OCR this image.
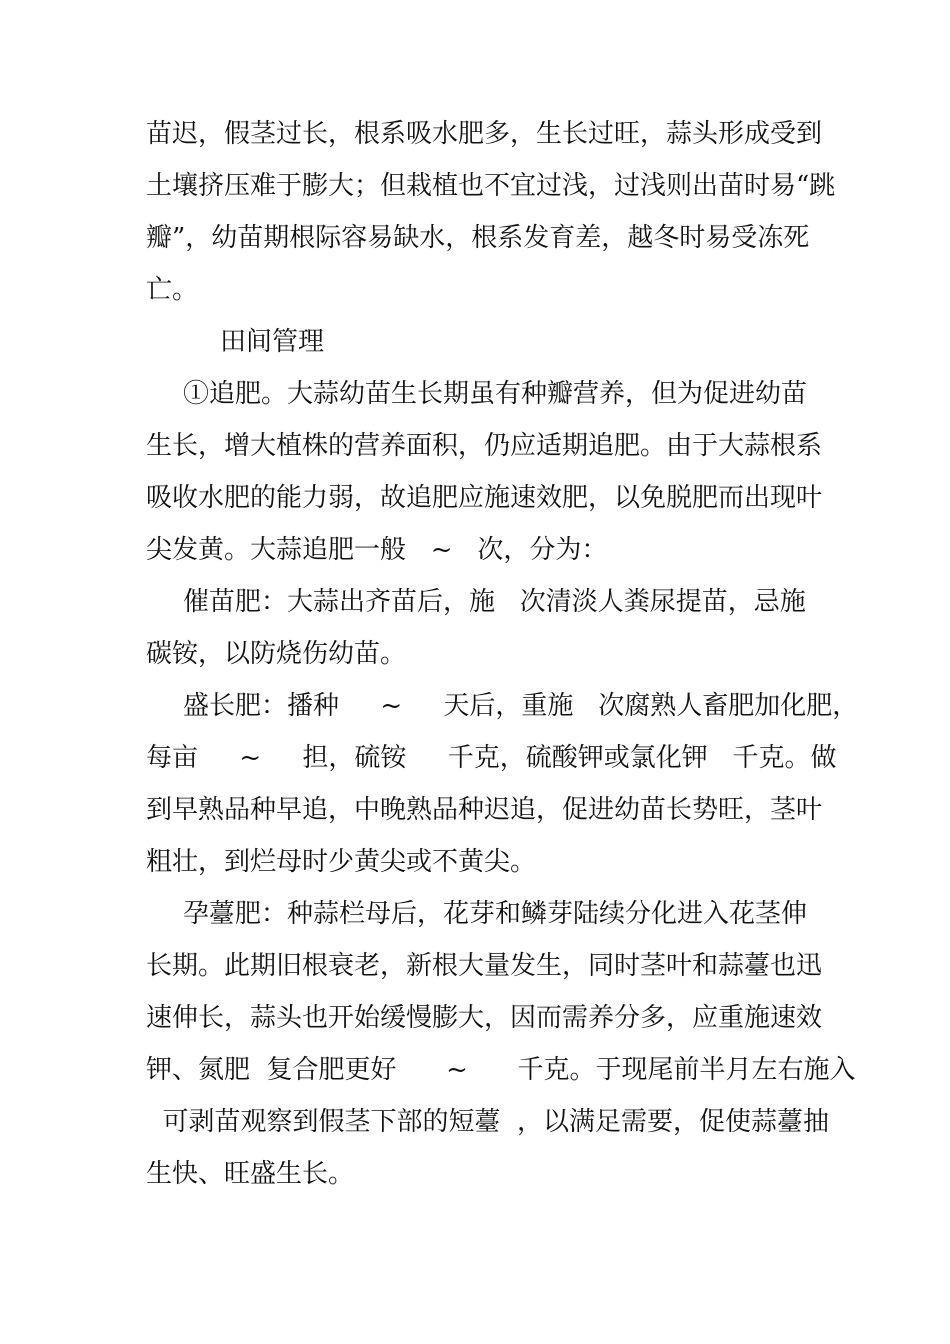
苗迟，假茎过长，根系吸水肥多，生长过旺，蒜头形成受到
土壤挤压难于膨大；但栽植也不宜过浅，过浅则出苗时易“跳
瓣”，幼苗期根际容易缺水，根系发育差，越冬时易受冻死
亡。
田间管理
①追肥。大蒜幼苗生长期虽有种瓣营养，但为促进幼苗
生长，增大植株的营养面积，仍应适期追肥。由于大蒜根系
吸收水肥的能力弱，故追肥应施速效肥，以免脱肥而出现叶
尖发黄。大蒜追肥一般   ~   次，分为：
催苗肥：大蒜出齐苗后，施   次清淡人粪尿提苗，忌施
碳铵，以防烧伤幼苗。
盛长肥：播种     ~     天后，重施   次腐熟人畜肥加化肥，
每亩     ~     担，硫铵     千克，硫酸钾或氯化钾   千克。做
到早熟品种早追，中晚熟品种迟追，促进幼苗长势旺，茎叶
粗壮，到烂母时少黄尖或不黄尖。
孕薹肥：种蒜栏母后，花芽和鳞芽陆续分化进入花茎伸
长期。此期旧根衰老，新根大量发生，同时茎叶和蒜薹也迅
速伸长，蒜头也开始缓慢膨大，因而需养分多，应重施速效
钾、氮肥  复合肥更好      ~      千克。于现尾前半月左右施入
可剥苗观察到假茎下部的短薹  ，以满足需要，促使蒜薹抽
生快、旺盛生长。
